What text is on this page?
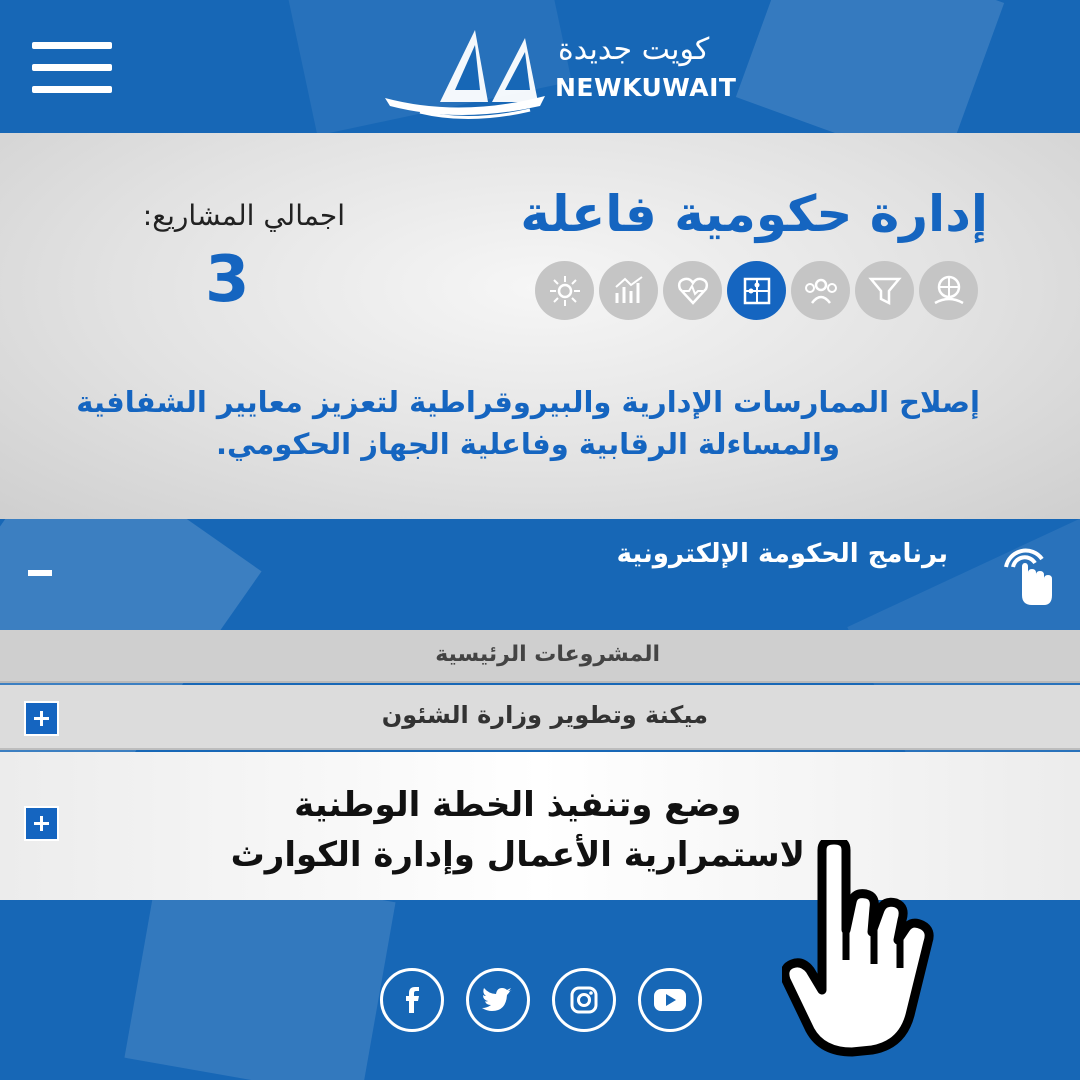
كويت جديدة
NEWKUWAIT
إدارة حكومية فاعلة
اجمالي المشاريع:
3
إصلاح الممارسات الإدارية والبيروقراطية لتعزيز معايير الشفافية
والمساءلة الرقابية وفاعلية الجهاز الحكومي.
برنامج الحكومة الإلكترونية
المشروعات الرئيسية
ميكنة وتطوير وزارة الشئون
وضع وتنفيذ الخطة الوطنية
لاستمرارية الأعمال وإدارة الكوارث
